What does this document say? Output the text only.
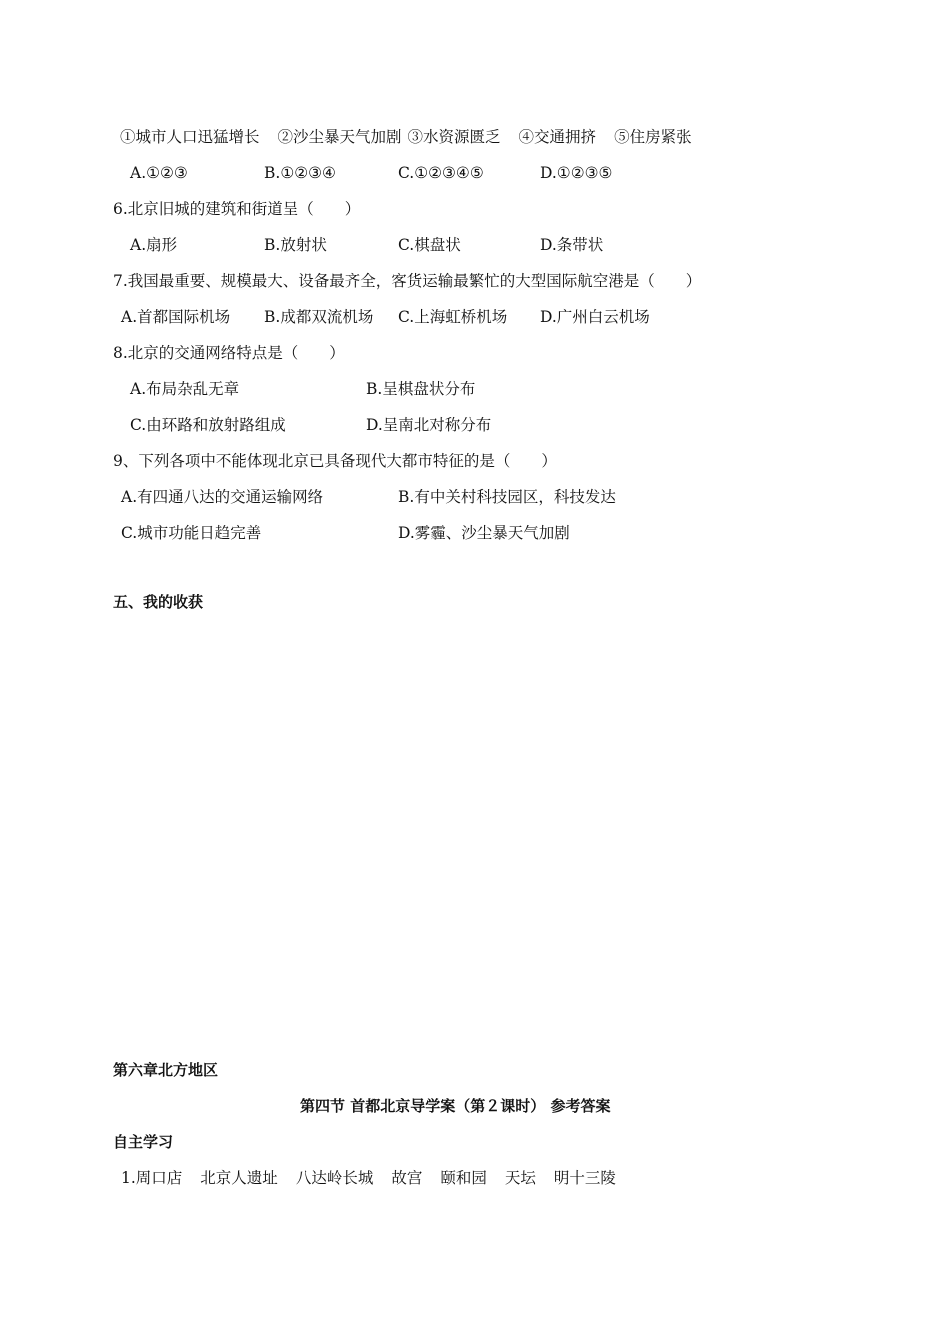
①城市人口迅猛增长 ②沙尘暴天气加剧 ③水资源匮乏 ④交通拥挤 ⑤住房紧张
A.①②③	B.①②③④	C.①②③④⑤	D.①②③⑤
6.北京旧城的建筑和街道呈（　　）
A.扇形	B.放射状	C.棋盘状	D.条带状
7.我国最重要、规模最大、设备最齐全，客货运输最繁忙的大型国际航空港是（　　）
A.首都国际机场 B.成都双流机场 C.上海虹桥机场 D.广州白云机场
8.北京的交通网络特点是（　　）
A.布局杂乱无章	B.呈棋盘状分布
C.由环路和放射路组成	D.呈南北对称分布
9、下列各项中不能体现北京已具备现代大都市特征的是（　　）
A.有四通八达的交通运输网络	B.有中关村科技园区，科技发达
C.城市功能日趋完善	D.雾霾、沙尘暴天气加剧
五、我的收获
第六章北方地区
第四节 首都北京导学案（第２课时） 参考答案
自主学习
1.周口店 北京人遗址 八达岭长城 故宫 颐和园 天坛 明十三陵
